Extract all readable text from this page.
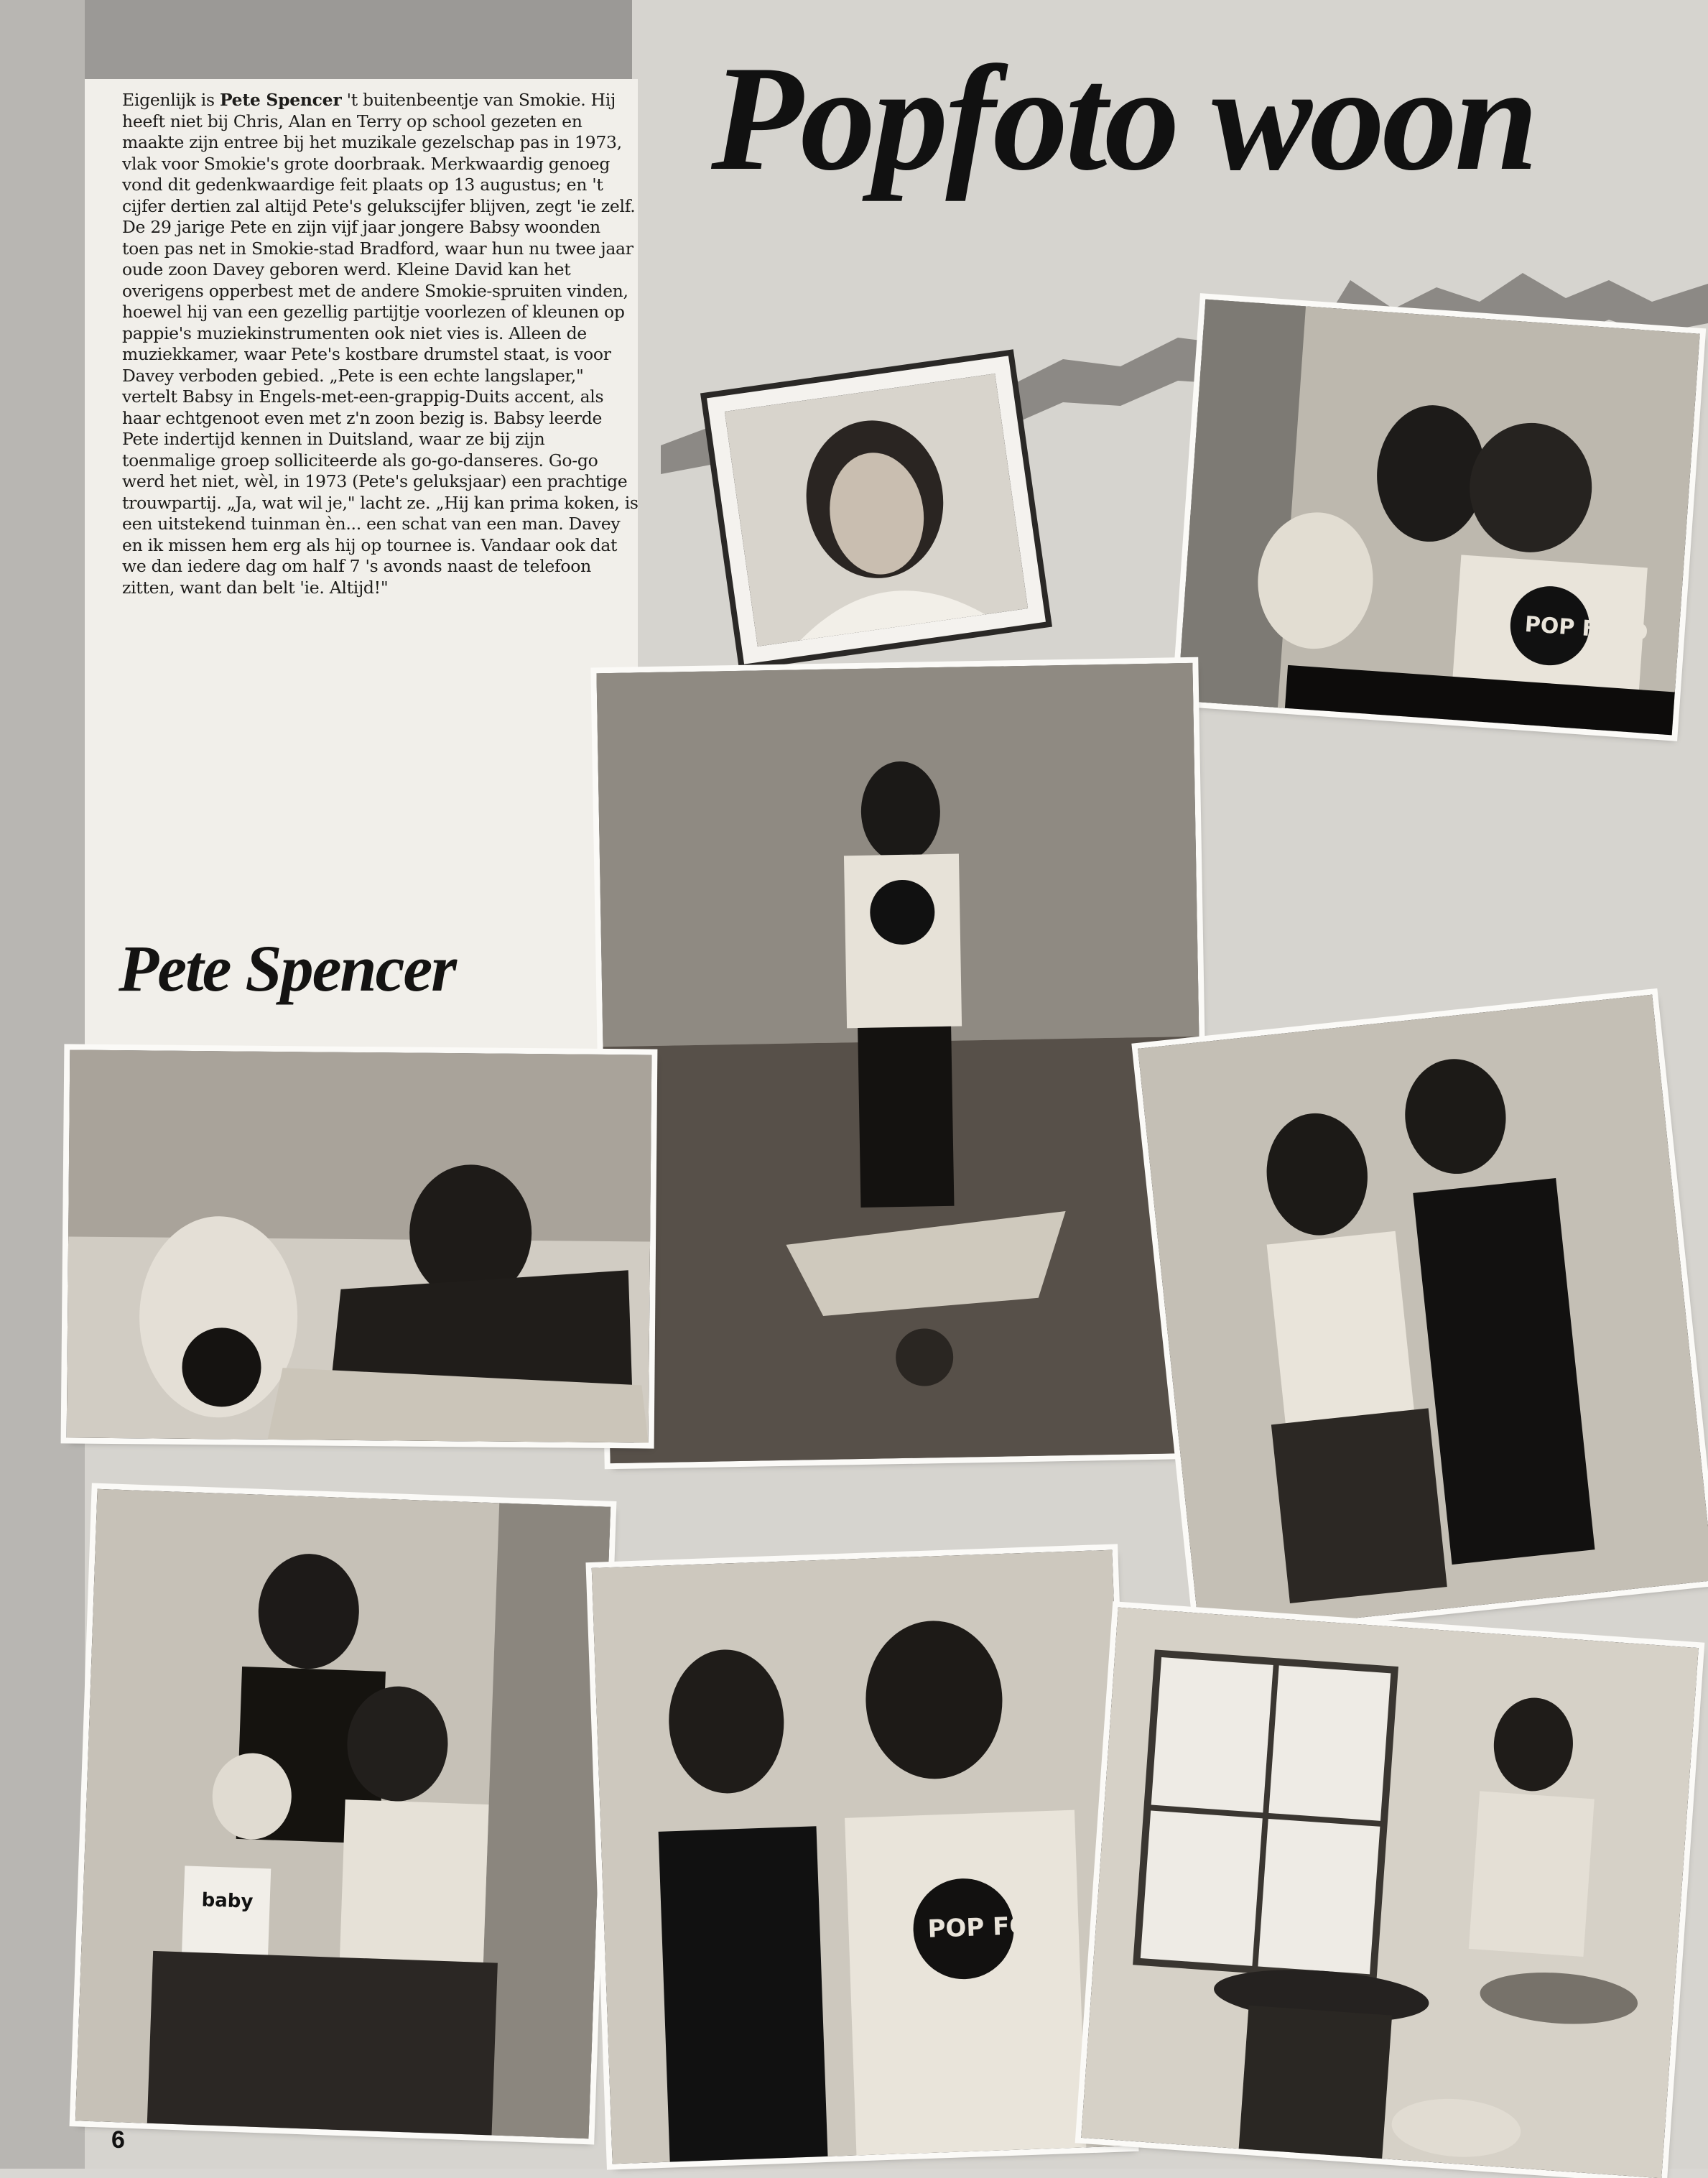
Popfoto woon
Eigenlijk is Pete Spencer 't buitenbeentje van Smokie. Hij heeft niet bij Chris, Alan en Terry op school gezeten en maakte zijn entree bij het muzikale gezelschap pas in 1973, vlak voor Smokie's grote doorbraak. Merkwaardig genoeg vond dit gedenkwaardige feit plaats op 13 augustus; en 't cijfer dertien zal altijd Pete's gelukscijfer blijven, zegt 'ie zelf. De 29 jarige Pete en zijn vijf jaar jongere Babsy woonden toen pas net in Smokie-stad Bradford, waar hun nu twee jaar oude zoon Davey geboren werd. Kleine David kan het overigens opperbest met de andere Smokie-spruiten vinden, hoewel hij van een gezellig partijtje voorlezen of kleunen op pappie's muziekinstrumenten ook niet vies is. Alleen de muziekkamer, waar Pete's kostbare drumstel staat, is voor Davey verboden gebied. „Pete is een echte langslaper," vertelt Babsy in Engels-met-een-grappig-Duits accent, als haar echtgenoot even met z'n zoon bezig is. Babsy leerde Pete indertijd kennen in Duitsland, waar ze bij zijn toenmalige groep solliciteerde als go-go-danseres. Go-go werd het niet, wèl, in 1973 (Pete's geluksjaar) een prachtige trouwpartij. „Ja, wat wil je," lacht ze. „Hij kan prima koken, is een uitstekend tuinman èn... een schat van een man. Davey en ik missen hem erg als hij op tournee is. Vandaar ook dat we dan iedere dag om half 7 's avonds naast de telefoon zitten, want dan belt 'ie. Altijd!"
Pete Spencer
POP FOTO
baby
POP FOTO
6
